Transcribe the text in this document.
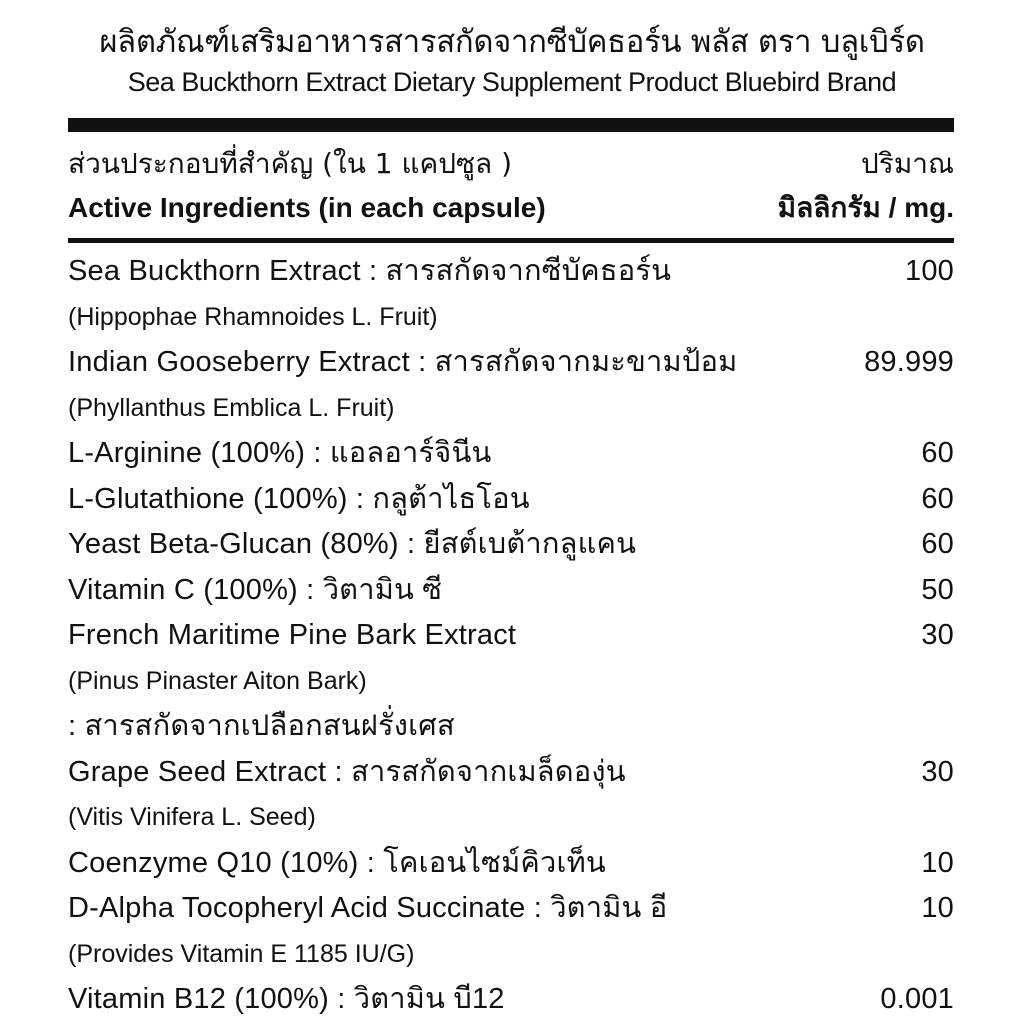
ผลิตภัณฑ์เสริมอาหารสารสกัดจากซีบัคธอร์น พลัส ตรา บลูเบิร์ด
Sea Buckthorn Extract Dietary Supplement Product Bluebird Brand
ส่วนประกอบที่สำคัญ (ใน 1 แคปซูล )	ปริมาณ
Active Ingredients (in each capsule)	มิลลิกรัม / mg.
Sea Buckthorn Extract : สารสกัดจากซีบัคธอร์น	100
(Hippophae Rhamnoides L. Fruit)
Indian Gooseberry Extract : สารสกัดจากมะขามป้อม	89.999
(Phyllanthus Emblica L. Fruit)
L-Arginine (100%) : แอลอาร์จินีน	60
L-Glutathione (100%) : กลูต้าไธโอน	60
Yeast Beta-Glucan (80%) : ยีสต์เบต้ากลูแคน	60
Vitamin C (100%) : วิตามิน ซี	50
French Maritime Pine Bark Extract	30
(Pinus Pinaster Aiton Bark)
: สารสกัดจากเปลือกสนฝรั่งเศส
Grape Seed Extract : สารสกัดจากเมล็ดองุ่น	30
(Vitis Vinifera L. Seed)
Coenzyme Q10 (10%) : โคเอนไซม์คิวเท็น	10
D-Alpha Tocopheryl Acid Succinate : วิตามิน อี	10
(Provides Vitamin E 1185 IU/G)
Vitamin B12 (100%) : วิตามิน บี12	0.001
